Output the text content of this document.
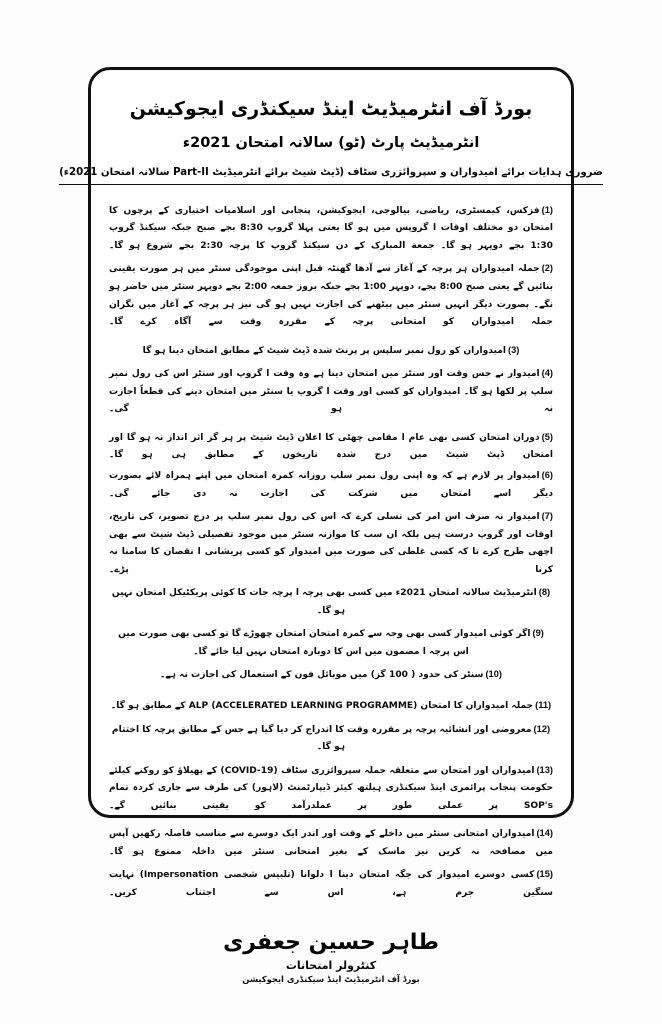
بورڈ آف انٹرمیڈیٹ اینڈ سیکنڈری ایجوکیشن
انٹرمیڈیٹ پارٹ (ٹو) سالانہ امتحان 2021ء
ضروری ہدایات برائے امیدواران و سپروائزری سٹاف (ڈیٹ شیٹ برائے انٹرمیڈیٹ Part-II سالانہ امتحان 2021ء)
(1)فزکس، کیمسٹری، ریاضی، بیالوجی، ایجوکیشن، پنجابی اور اسلامیات اختیاری کے پرچوں کا امتحان دو مختلف اوقات ا گروپس میں ہو گا یعنی پہلا گروپ 8:30 بجے صبح جبکہ سیکنڈ گروپ 1:30 بجے دوپہر ہو گا۔ جمعة المبارک کے دن سیکنڈ گروپ کا پرچہ 2:30 بجے شروع ہو گا۔
(2)جملہ امیدواران ہر پرچہ کے آغاز سے آدھا گھنٹہ قبل اپنی موجودگی سنٹر میں ہر صورت یقینی بنائیں گے یعنی صبح 8:00 بجے، دوپہر 1:00 بجے جبکہ بروز جمعہ 2:00 بجے دوپہر سنٹر میں حاضر ہو نگے۔ بصورت دیگر انہیں سنٹر میں بیٹھنے کی اجازت نہیں ہو گی نیز ہر پرچہ کے آغاز میں نگران جملہ امیدواران کو امتحانی پرچہ کے مقررہ وقت سے آگاہ کرے گا۔
(3)امیدواران کو رول نمبر سلپس پر پرنٹ شدہ ڈیٹ شیٹ کے مطابق امتحان دینا ہو گا
(4)امیدوار نے جس وقت اور سنٹر میں امتحان دینا ہے وہ وقت ا گروپ اور سنٹر اس کی رول نمبر سلپ پر لکھا ہو گا۔ امیدواران کو کسی اور وقت ا گروپ یا سنٹر میں امتحان دینے کی قطعاً اجازت نہ ہو گی۔
(5)دوران امتحان کسی بھی عام ا مقامی چھٹی کا اعلان ڈیٹ شیٹ پر ہر گز اثر انداز نہ ہو گا اور امتحان ڈیٹ شیٹ میں درج شدہ تاریخوں کے مطابق ہی ہو گا۔
(6)امیدوار پر لازم ہے کہ وہ اپنی رول نمبر سلپ روزانہ کمرہ امتحان میں اپنے ہمراہ لائے بصورت دیگر اسے امتحان میں شرکت کی اجازت نہ دی جائے گی۔
(7)امیدوار نہ صرف اس امر کی تسلی کرے کہ اس کی رول نمبر سلپ پر درج تصویر، کی تاریخ، اوقات اور گروپ درست ہیں بلکہ ان سب کا موازنہ سنٹر میں موجود تفصیلی ڈیٹ شیٹ سے بھی اچھی طرح کرے تا کہ کسی غلطی کی صورت میں امیدوار کو کسی پریشانی ا نقصان کا سامنا نہ کرنا پڑے۔
(8)انٹرمیڈیٹ سالانہ امتحان 2021ء میں کسی بھی پرچہ ا پرچہ جات کا کوئی پریکٹیکل امتحان نہیں ہو گا۔
(9)اگر کوئی امیدوار کسی بھی وجہ سے کمرہ امتحان امتحان چھوڑے گا تو کسی بھی صورت میں اس پرچہ ا مضمون میں اس کا دوبارہ امتحان نہیں لیا جائے گا۔
(10)سنٹر کی حدود ( 100 گز) میں موبائل فون کے استعمال کی اجازت نہ ہے۔
(11)جملہ امیدواران کا امتحان ALP (ACCELERATED LEARNING PROGRAMME) کے مطابق ہو گا۔
(12)معروضی اور انشائیہ پرچہ پر مقررہ وقت کا اندراج کر دیا گیا ہے جس کے مطابق پرچہ کا اختتام ہو گا۔
(13)امیدواران اور امتحان سے متعلقہ جملہ سپروائزری سٹاف (COVID-19) کے پھیلاؤ کو روکنے کیلئے حکومت پنجاب پرائمری اینڈ سیکنڈری ہیلتھ کیئر ڈیپارٹمنٹ (لاہور) کی طرف سے جاری کردہ تمام SOP's پر عملی طور پر عملدرآمد کو یقینی بنائیں گے۔
(14)امیدواران امتحانی سنٹر میں داخلے کے وقت اور اندر ایک دوسرے سے مناسب فاصلہ رکھیں آپس میں مصافحہ نہ کریں نیز ماسک کے بغیر امتحانی سنٹر میں داخلہ ممنوع ہو گا۔
(15)کسی دوسرے امیدوار کی جگہ امتحان دینا ا دلوانا (تلبیس شخصی Impersonation) نہایت سنگین جرم ہے، اس سے اجتناب کریں۔
طاہر حسین جعفری
کنٹرولر امتحانات
بورڈ آف انٹرمیڈیٹ اینڈ سیکنڈری ایجوکیشن
